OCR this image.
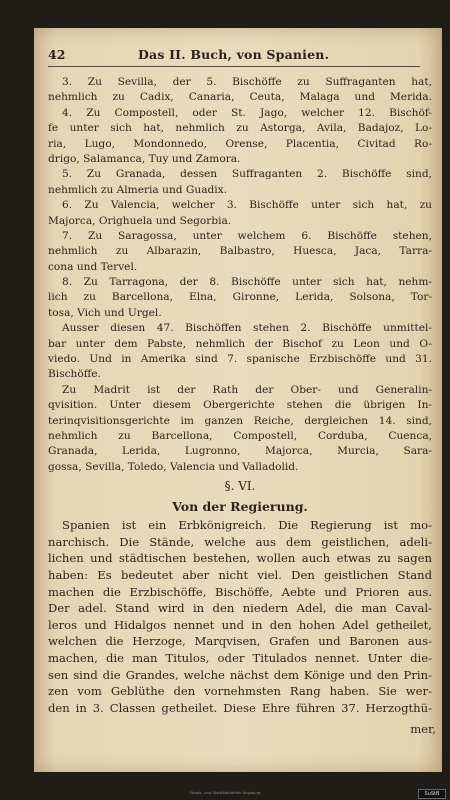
42	Das II. Buch, von Spanien.
3. Zu Sevilla, der 5. Bischöffe zu Suffraganten hat,
nehmlich zu Cadix, Canaria, Ceuta, Malaga und Merida.
4. Zu Compostell, oder St. Jago, welcher 12. Bischöf-
fe unter sich hat, nehmlich zu Astorga, Avila, Badajoz, Lo-
ria, Lugo, Mondonnedo, Orense, Placentia, Civitad Ro-
drigo, Salamanca, Tuy und Zamora.
5. Zu Granada, dessen Suffraganten 2. Bischöffe sind,
nehmlich zu Almeria und Guadix.
6. Zu Valencia, welcher 3. Bischöffe unter sich hat, zu
Majorca, Orighuela und Segorbia.
7. Zu Saragossa, unter welchem 6. Bischöffe stehen,
nehmlich zu Albarazin, Balbastro, Huesca, Jaca, Tarra-
cona und Tervel.
8. Zu Tarragona, der 8. Bischöffe unter sich hat, nehm-
lich zu Barcellona, Elna, Gironne, Lerida, Solsona, Tor-
tosa, Vich und Urgel.
Ausser diesen 47. Bischöffen stehen 2. Bischöffe unmittel-
bar unter dem Pabste, nehmlich der Bischof zu Leon und O-
viedo. Und in Amerika sind 7. spanische Erzbischöffe und 31.
Bischöffe.
Zu Madrit ist der Rath der Ober- und Generalin-
qvisition. Unter diesem Obergerichte stehen die übrigen In-
terinqvisitionsgerichte im ganzen Reiche, dergleichen 14. sind,
nehmlich zu Barcellona, Compostell, Corduba, Cuenca,
Granada, Lerida, Lugronno, Majorca, Murcia, Sara-
gossa, Sevilla, Toledo, Valencia und Valladolid.
§. VI.
Von der Regierung.
Spanien ist ein Erbkönigreich. Die Regierung ist mo-
narchisch. Die Stände, welche aus dem geistlichen, adeli-
lichen und städtischen bestehen, wollen auch etwas zu sagen
haben: Es bedeutet aber nicht viel. Den geistlichen Stand
machen die Erzbischöffe, Bischöffe, Aebte und Prioren aus.
Der adel. Stand wird in den niedern Adel, die man Caval-
leros und Hidalgos nennet und in den hohen Adel getheilet,
welchen die Herzoge, Marqvisen, Grafen und Baronen aus-
machen, die man Titulos, oder Titulados nennet. Unter die-
sen sind die Grandes, welche nächst dem Könige und den Prin-
zen vom Geblüthe den vornehmsten Rang haben. Sie wer-
den in 3. Classen getheilet. Diese Ehre führen 37. Herzogthü-
mer,
Staats- und Stadtbibliothek Augsburg	SuStB
